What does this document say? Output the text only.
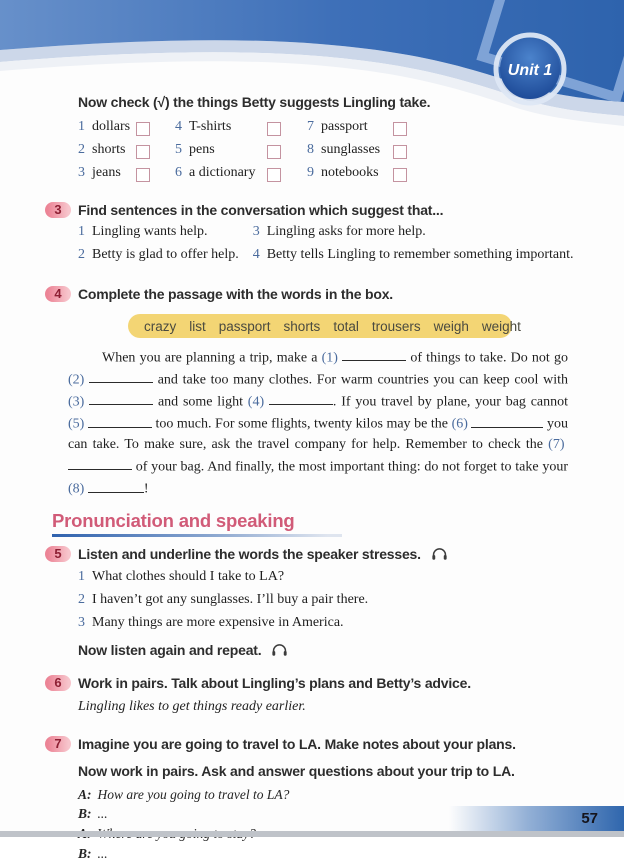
Unit 1
Now check (√) the things Betty suggests Lingling take.
1 dollars	4 T-shirts	7 passport
2 shorts	5 pens	8 sunglasses
3 jeans	6 a dictionary	9 notebooks
3	Find sentences in the conversation which suggest that...
1 Lingling wants help.	3 Lingling asks for more help.
2 Betty is glad to offer help. 4 Betty tells Lingling to remember something important.
4	Complete the passage with the words in the box.
crazy list passport shorts total trousers weigh weight
When you are planning a trip, make a (1)	of things to take. Do not go (2)	and take too many clothes. For warm countries you can keep cool with (3)	and some light (4)	. If you travel by plane, your bag cannot (5)	too much. For some flights, twenty kilos may be the (6)	you can take. To make sure, ask the travel company for help. Remember to check the (7)  of your bag. And finally, the most important thing: do not forget to take your (8)	!
Pronunciation and speaking
5	Listen and underline the words the speaker stresses.
1 What clothes should I take to LA?
2 I haven’t got any sunglasses. I’ll buy a pair there.
3 Many things are more expensive in America.
Now listen again and repeat.
6	Work in pairs. Talk about Lingling’s plans and Betty’s advice.
Lingling likes to get things ready earlier.
7	Imagine you are going to travel to LA. Make notes about your plans.
Now work in pairs. Ask and answer questions about your trip to LA.
A: How are you going to travel to LA?
B: ...
B: ...
57
